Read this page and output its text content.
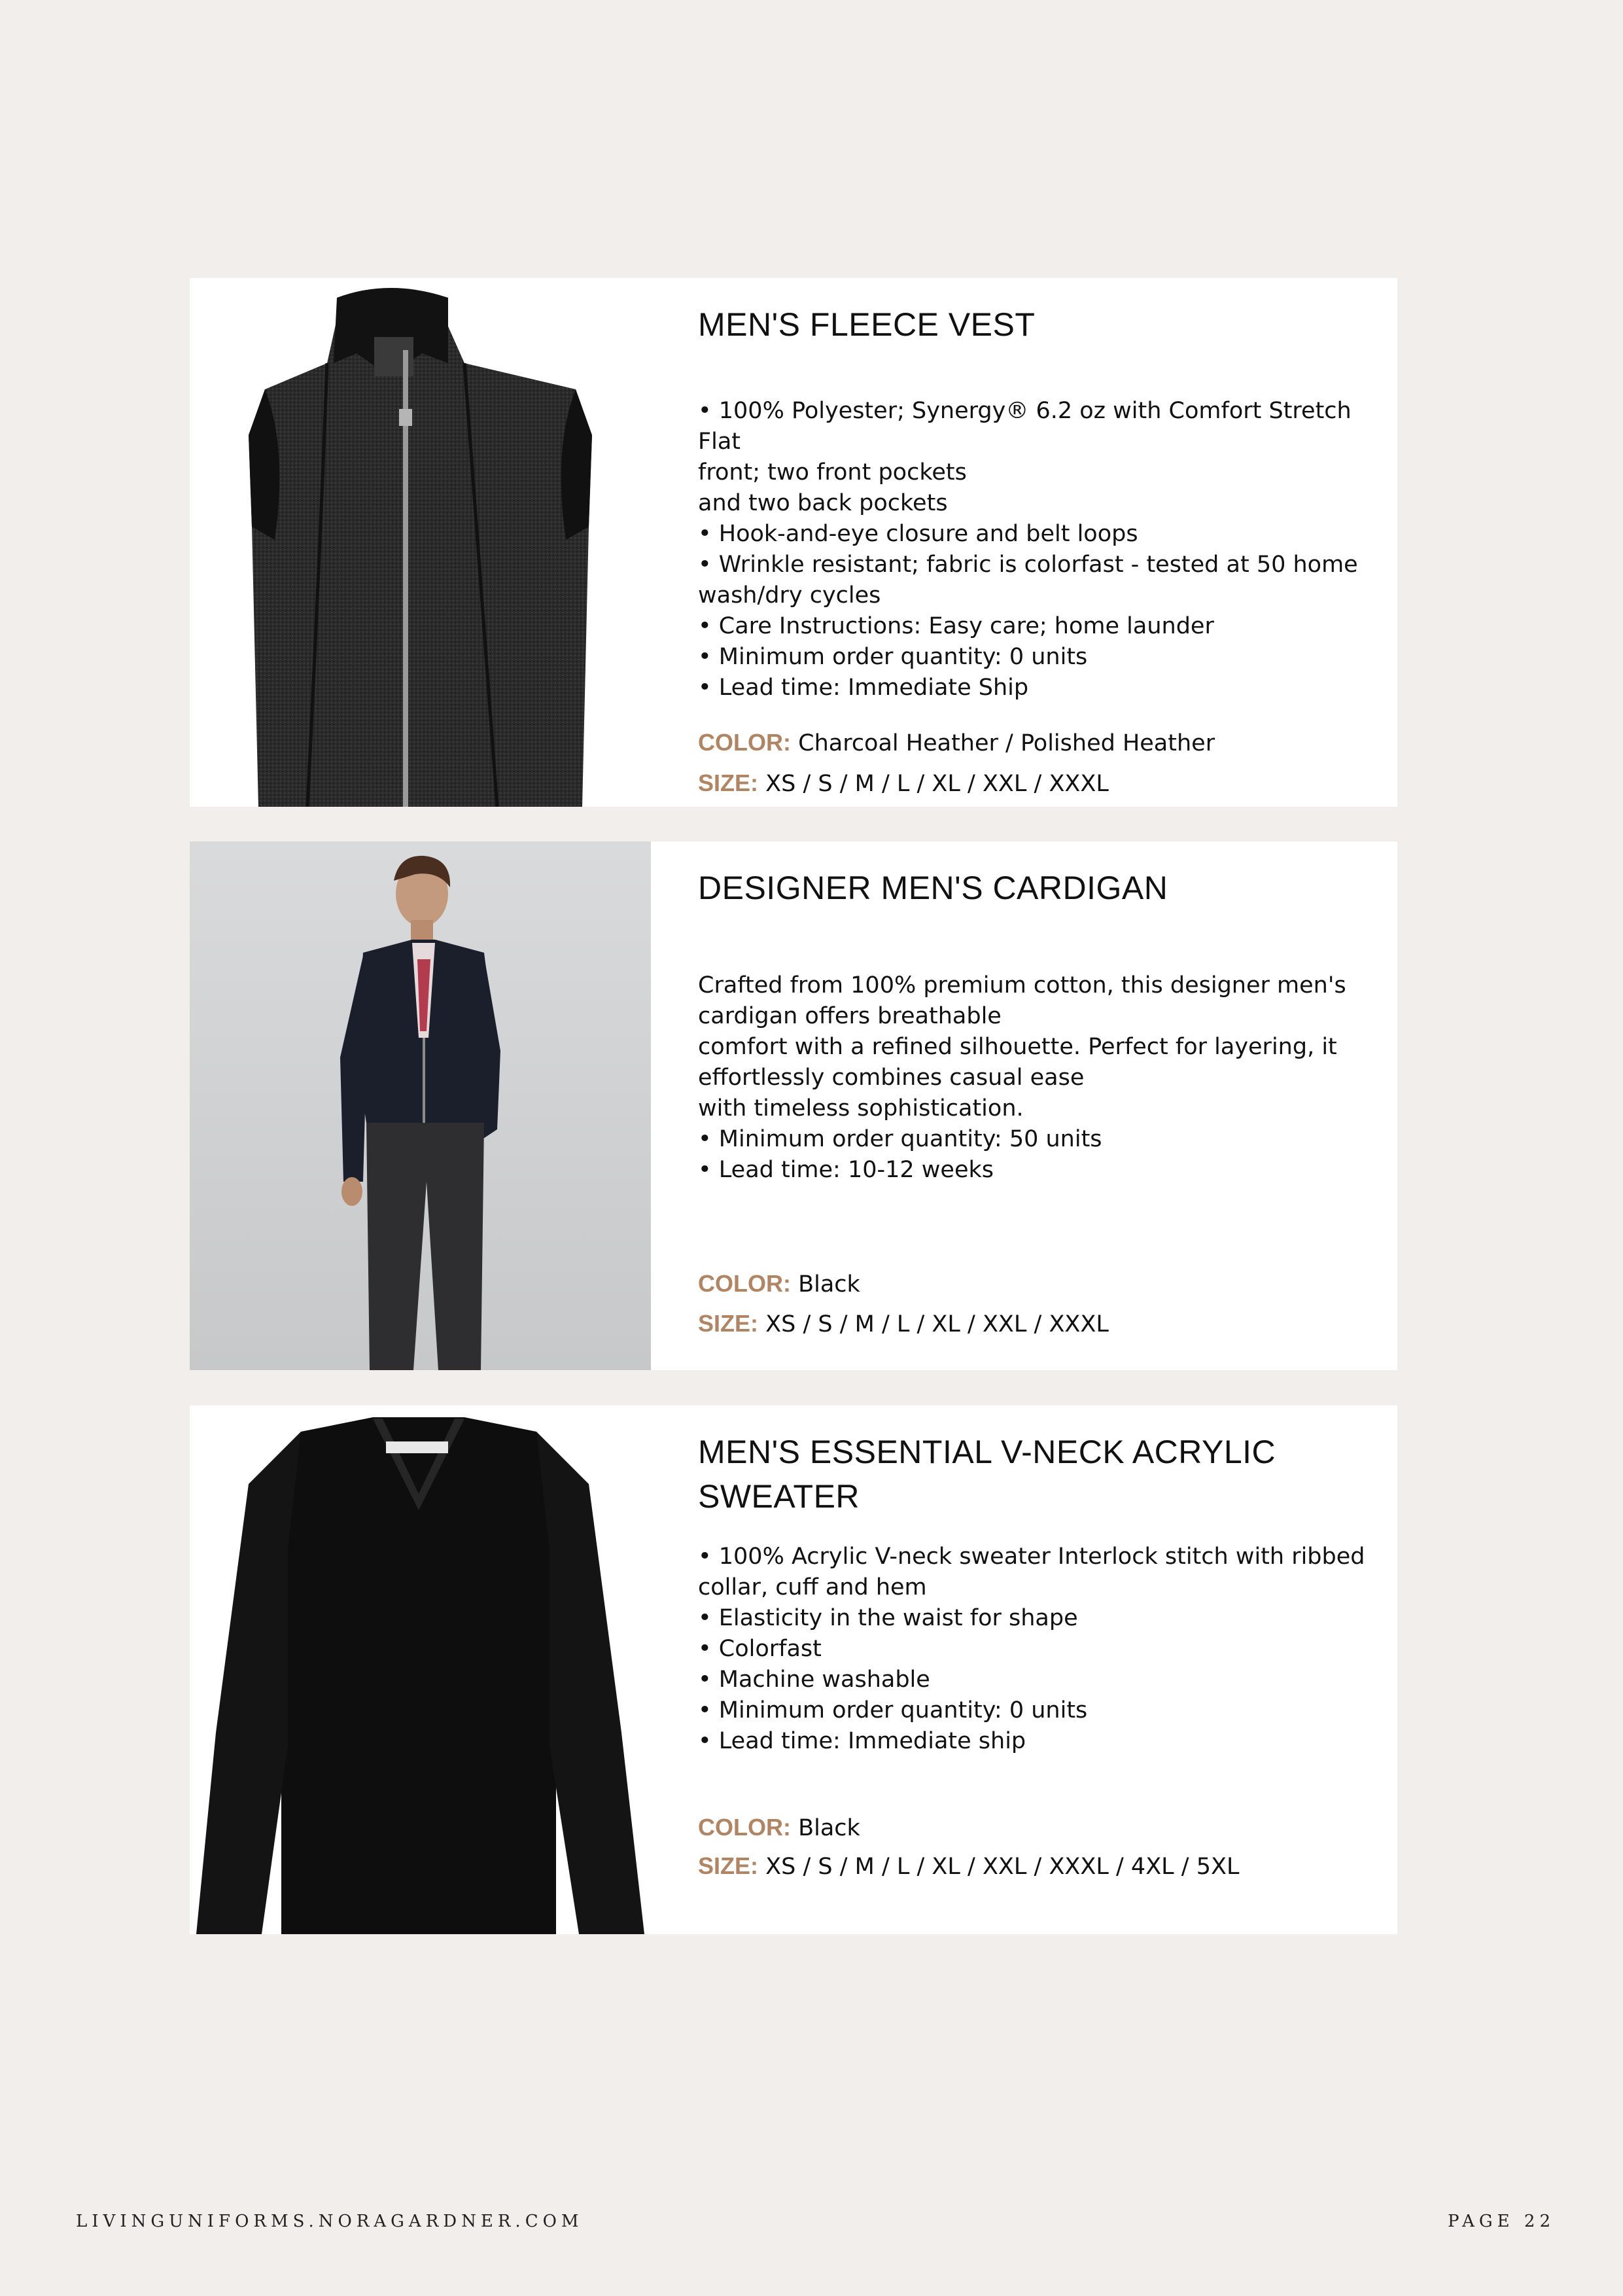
MEN'S FLEECE VEST

• 100% Polyester; Synergy® 6.2 oz with Comfort Stretch Flat
front; two front pockets
and two back pockets
• Hook-and-eye closure and belt loops
• Wrinkle resistant; fabric is colorfast - tested at 50 home
wash/dry cycles
• Care Instructions: Easy care; home launder
• Minimum order quantity: 0 units
• Lead time: Immediate Ship

COLOR: Charcoal Heather / Polished Heather

SIZE: XS / S / M / L / XL / XXL / XXXL

DESIGNER MEN'S CARDIGAN

Crafted from 100% premium cotton, this designer men's
cardigan offers breathable
comfort with a refined silhouette. Perfect for layering, it
effortlessly combines casual ease
with timeless sophistication.
• Minimum order quantity: 50 units
• Lead time: 10-12 weeks

COLOR: Black

SIZE: XS / S / M / L / XL / XXL / XXXL

MEN'S ESSENTIAL V-NECK ACRYLIC
SWEATER

• 100% Acrylic V-neck sweater Interlock stitch with ribbed
collar, cuff and hem
• Elasticity in the waist for shape
• Colorfast
• Machine washable
• Minimum order quantity: 0 units
• Lead time: Immediate ship

COLOR: Black

SIZE: XS / S / M / L / XL / XXL / XXXL / 4XL / 5XL

LIVINGUNIFORMS.NORAGARDNER.COM	PAGE 22
